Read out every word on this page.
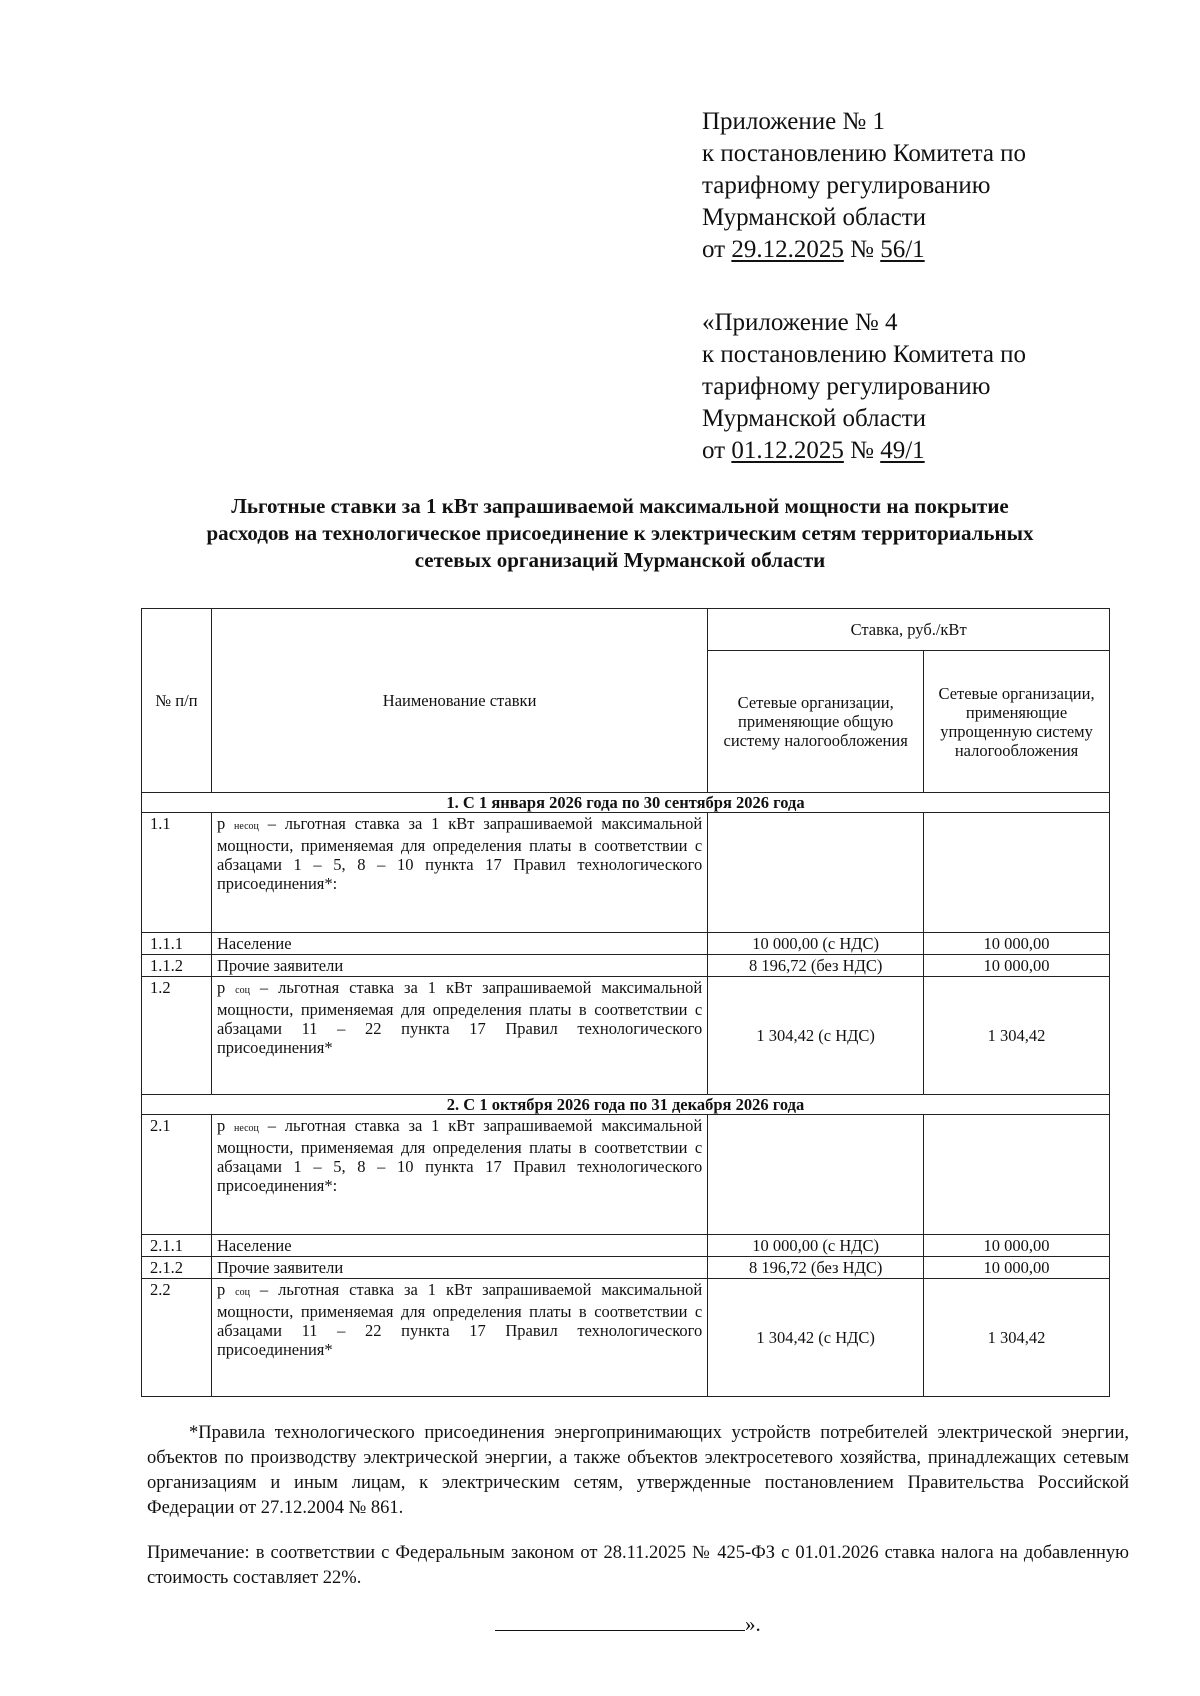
Приложение № 1
к постановлению Комитета по
тарифному регулированию
Мурманской области
от 29.12.2025 № 56/1
«Приложение № 4
к постановлению Комитета по
тарифному регулированию
Мурманской области
от 01.12.2025 № 49/1
Льготные ставки за 1 кВт запрашиваемой максимальной мощности на покрытие
расходов на технологическое присоединение к электрическим сетям территориальных
сетевых организаций Мурманской области
№ п/п	Наименование ставки	Ставка, руб./кВт	
		Сетевые организации, применяющие общую систему налогообложения	Сетевые организации, применяющие упрощенную систему налогообложения
1. С 1 января 2026 года по 30 сентября 2026 года			
1.1	р несоц – льготная ставка за 1 кВт запрашиваемой максимальной мощности, применяемая для определения платы в соответствии с абзацами 1 – 5, 8 – 10 пункта 17 Правил технологического присоединения*:		
1.1.1	Население	10 000,00 (с НДС)	10 000,00
1.1.2	Прочие заявители	8 196,72 (без НДС)	10 000,00
1.2	р соц – льготная ставка за 1 кВт запрашиваемой максимальной мощности, применяемая для определения платы в соответствии с абзацами 11 – 22 пункта 17 Правил технологического присоединения*	1 304,42 (с НДС)	1 304,42
2. С 1 октября 2026 года по 31 декабря 2026 года			
2.1	р несоц – льготная ставка за 1 кВт запрашиваемой максимальной мощности, применяемая для определения платы в соответствии с абзацами 1 – 5, 8 – 10 пункта 17 Правил технологического присоединения*:		
2.1.1	Население	10 000,00 (с НДС)	10 000,00
2.1.2	Прочие заявители	8 196,72 (без НДС)	10 000,00
2.2	р соц – льготная ставка за 1 кВт запрашиваемой максимальной мощности, применяемая для определения платы в соответствии с абзацами 11 – 22 пункта 17 Правил технологического присоединения*	1 304,42 (с НДС)	1 304,42
*Правила технологического присоединения энергопринимающих устройств потребителей электрической энергии, объектов по производству электрической энергии, а также объектов электросетевого хозяйства, принадлежащих сетевым организациям и иным лицам, к электрическим сетям, утвержденные постановлением Правительства Российской Федерации от 27.12.2004 № 861.
Примечание: в соответствии с Федеральным законом от 28.11.2025 № 425-ФЗ с 01.01.2026 ставка налога на добавленную стоимость составляет 22%.
».
